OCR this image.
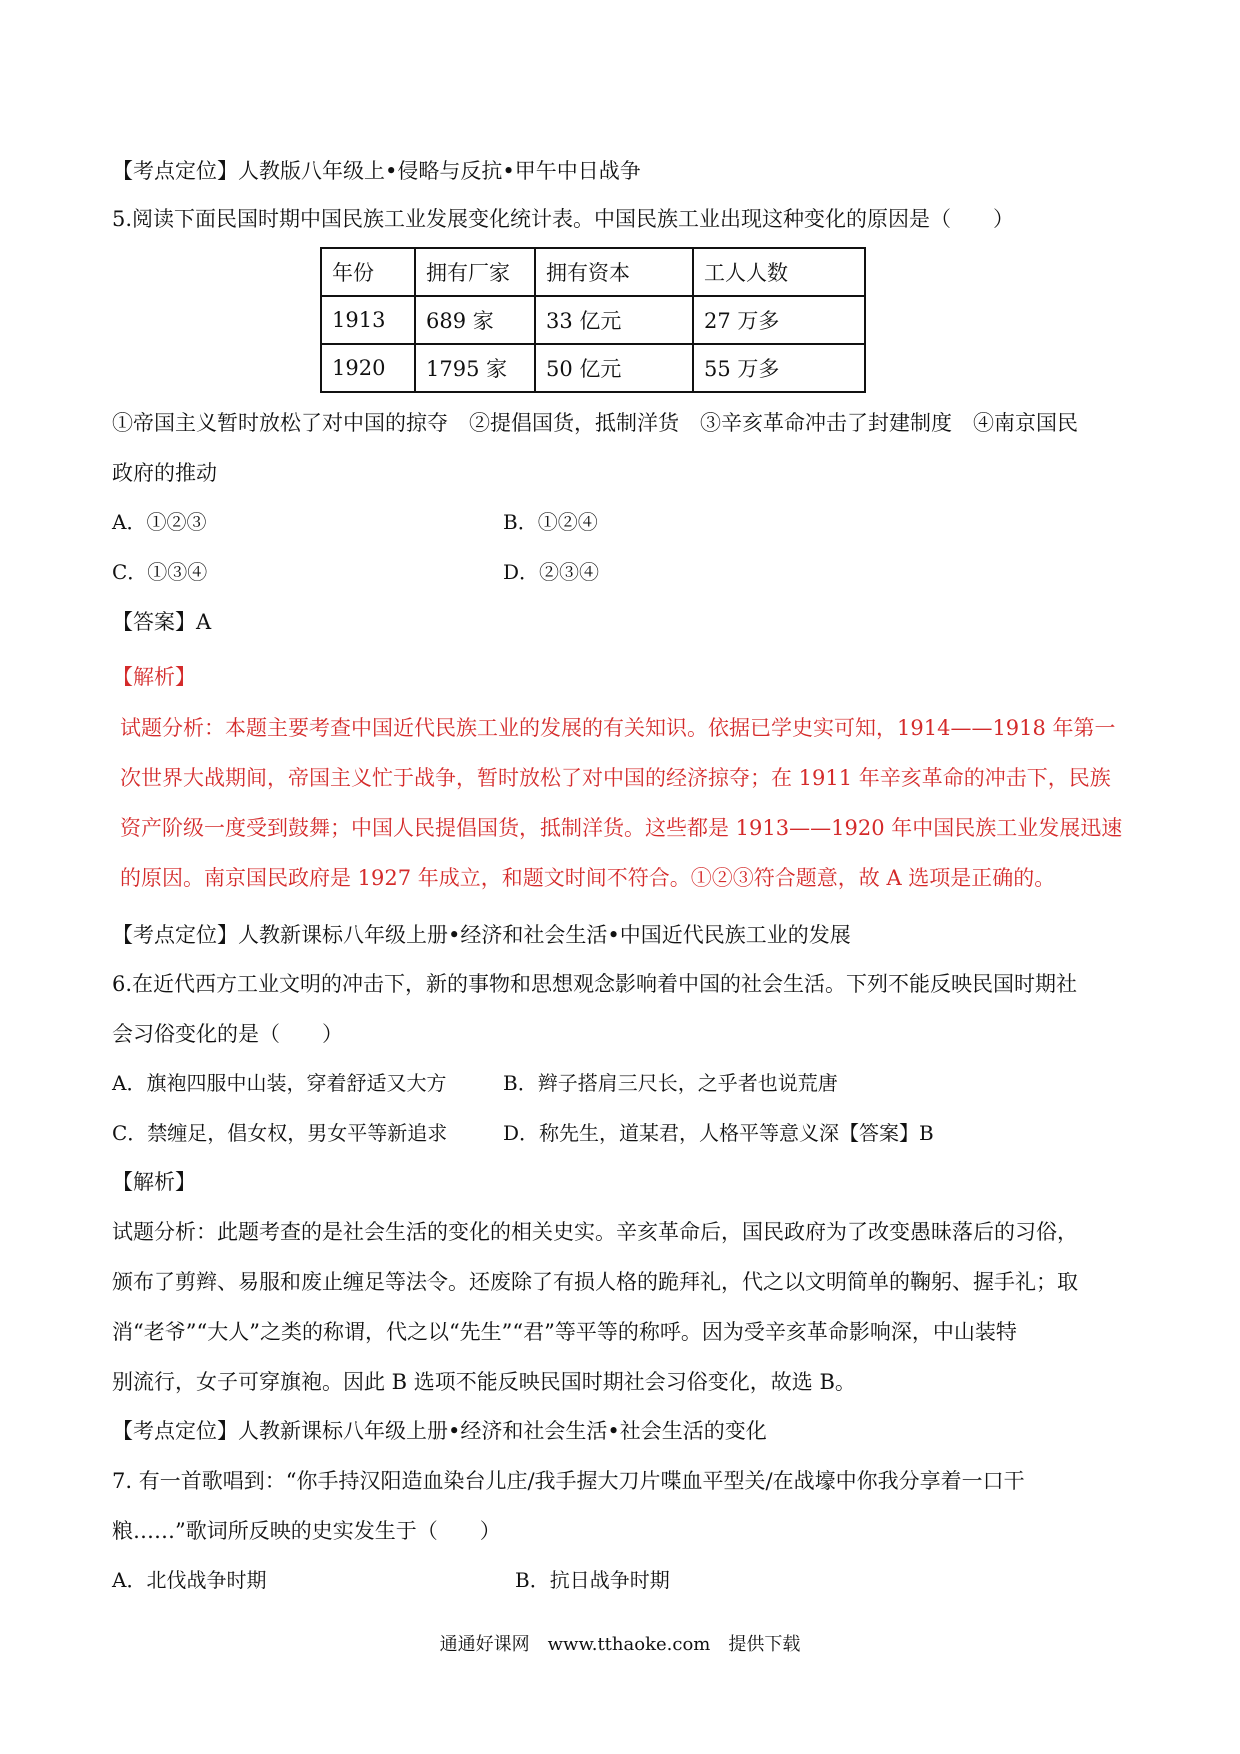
【考点定位】人教版八年级上•侵略与反抗•甲午中日战争
5.阅读下面民国时期中国民族工业发展变化统计表。中国民族工业出现这种变化的原因是（　　）
年份	拥有厂家	拥有资本	工人人数
1913	689 家	33 亿元	27 万多
1920	1795 家	50 亿元	55 万多
①帝国主义暂时放松了对中国的掠夺　②提倡国货，抵制洋货　③辛亥革命冲击了封建制度　④南京国民
政府的推动
A．①②③	B．①②④
C．①③④	D．②③④
【答案】A
【解析】
试题分析：本题主要考查中国近代民族工业的发展的有关知识。依据已学史实可知，1914——1918 年第一
次世界大战期间，帝国主义忙于战争，暂时放松了对中国的经济掠夺；在 1911 年辛亥革命的冲击下，民族
资产阶级一度受到鼓舞；中国人民提倡国货，抵制洋货。这些都是 1913——1920 年中国民族工业发展迅速
的原因。南京国民政府是 1927 年成立，和题文时间不符合。①②③符合题意，故 A 选项是正确的。
【考点定位】人教新课标八年级上册•经济和社会生活•中国近代民族工业的发展
6.在近代西方工业文明的冲击下，新的事物和思想观念影响着中国的社会生活。下列不能反映民国时期社
会习俗变化的是（　　）
A．旗袍四服中山装，穿着舒适又大方	B．辫子搭肩三尺长，之乎者也说荒唐
C．禁缠足，倡女权，男女平等新追求	D．称先生，道某君，人格平等意义深【答案】B
【解析】
试题分析：此题考查的是社会生活的变化的相关史实。辛亥革命后，国民政府为了改变愚昧落后的习俗，
颁布了剪辫、易服和废止缠足等法令。还废除了有损人格的跪拜礼，代之以文明简单的鞠躬、握手礼；取
消“老爷”“大人”之类的称谓，代之以“先生”“君”等平等的称呼。因为受辛亥革命影响深，中山装特
别流行，女子可穿旗袍。因此 B 选项不能反映民国时期社会习俗变化，故选 B。
【考点定位】人教新课标八年级上册•经济和社会生活•社会生活的变化
7. 有一首歌唱到：“你手持汉阳造血染台儿庄/我手握大刀片喋血平型关/在战壕中你我分享着一口干
粮……”歌词所反映的史实发生于（　　）
A．北伐战争时期	B．抗日战争时期
通通好课网　www.tthaoke.com　提供下载
